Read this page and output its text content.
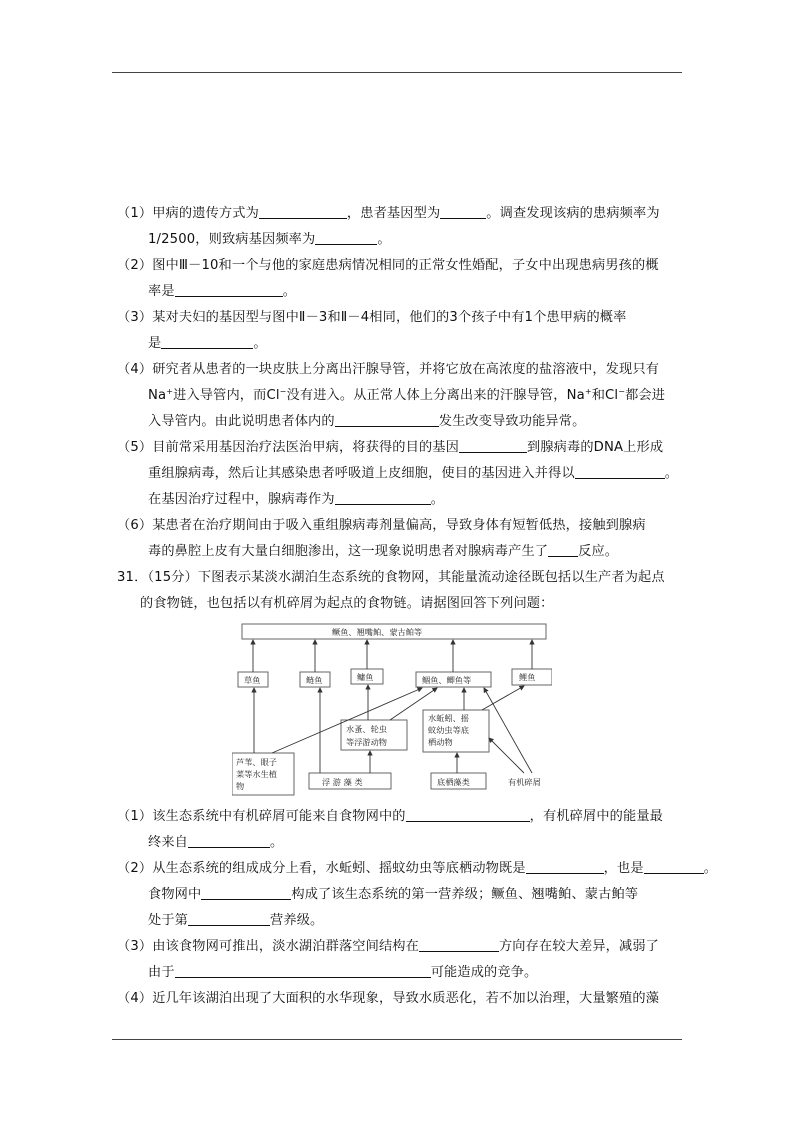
（1）甲病的遗传方式为	，患者基因型为	。调查发现该病的患病频率为
1/2500，则致病基因频率为	。
（2）图中Ⅲ－10和一个与他的家庭患病情况相同的正常女性婚配，子女中出现患病男孩的概
率是	。
（3）某对夫妇的基因型与图中Ⅱ－3和Ⅱ－4相同，他们的3个孩子中有1个患甲病的概率
是	。
（4）研究者从患者的一块皮肤上分离出汗腺导管，并将它放在高浓度的盐溶液中，发现只有
Na+进入导管内，而Cl−没有进入。从正常人体上分离出来的汗腺导管，Na+和Cl−都会进
入导管内。由此说明患者体内的	发生改变导致功能异常。
（5）目前常采用基因治疗法医治甲病，将获得的目的基因	到腺病毒的DNA上形成
重组腺病毒，然后让其感染患者呼吸道上皮细胞，使目的基因进入并得以	。
在基因治疗过程中，腺病毒作为	。
（6）某患者在治疗期间由于吸入重组腺病毒剂量偏高，导致身体有短暂低热，接触到腺病
毒的鼻腔上皮有大量白细胞渗出，这一现象说明患者对腺病毒产生了 反应。
31．（15分）下图表示某淡水湖泊生态系统的食物网，其能量流动途径既包括以生产者为起点
的食物链，也包括以有机碎屑为起点的食物链。请据图回答下列问题：
鳜鱼、翘嘴鲌、蒙古鲌等
草鱼	鲢鱼	鳙鱼	鲴鱼、鲫鱼等	鲤鱼
水蚤、轮虫
等浮游动物
水蚯蚓、摇
蚊幼虫等底
栖动物
芦苇、眼子
菜等水生植
物	浮 游 藻 类	底栖藻类	有机碎屑
（1）该生态系统中有机碎屑可能来自食物网中的	，有机碎屑中的能量最
终来自	。
（2）从生态系统的组成成分上看，水蚯蚓、摇蚊幼虫等底栖动物既是	，也是	。
食物网中	构成了该生态系统的第一营养级；鳜鱼、翘嘴鲌、蒙古鲌等
处于第	营养级。
（3）由该食物网可推出，淡水湖泊群落空间结构在	方向存在较大差异，减弱了
由于	可能造成的竞争。
（4）近几年该湖泊出现了大面积的水华现象，导致水质恶化，若不加以治理，大量繁殖的藻
